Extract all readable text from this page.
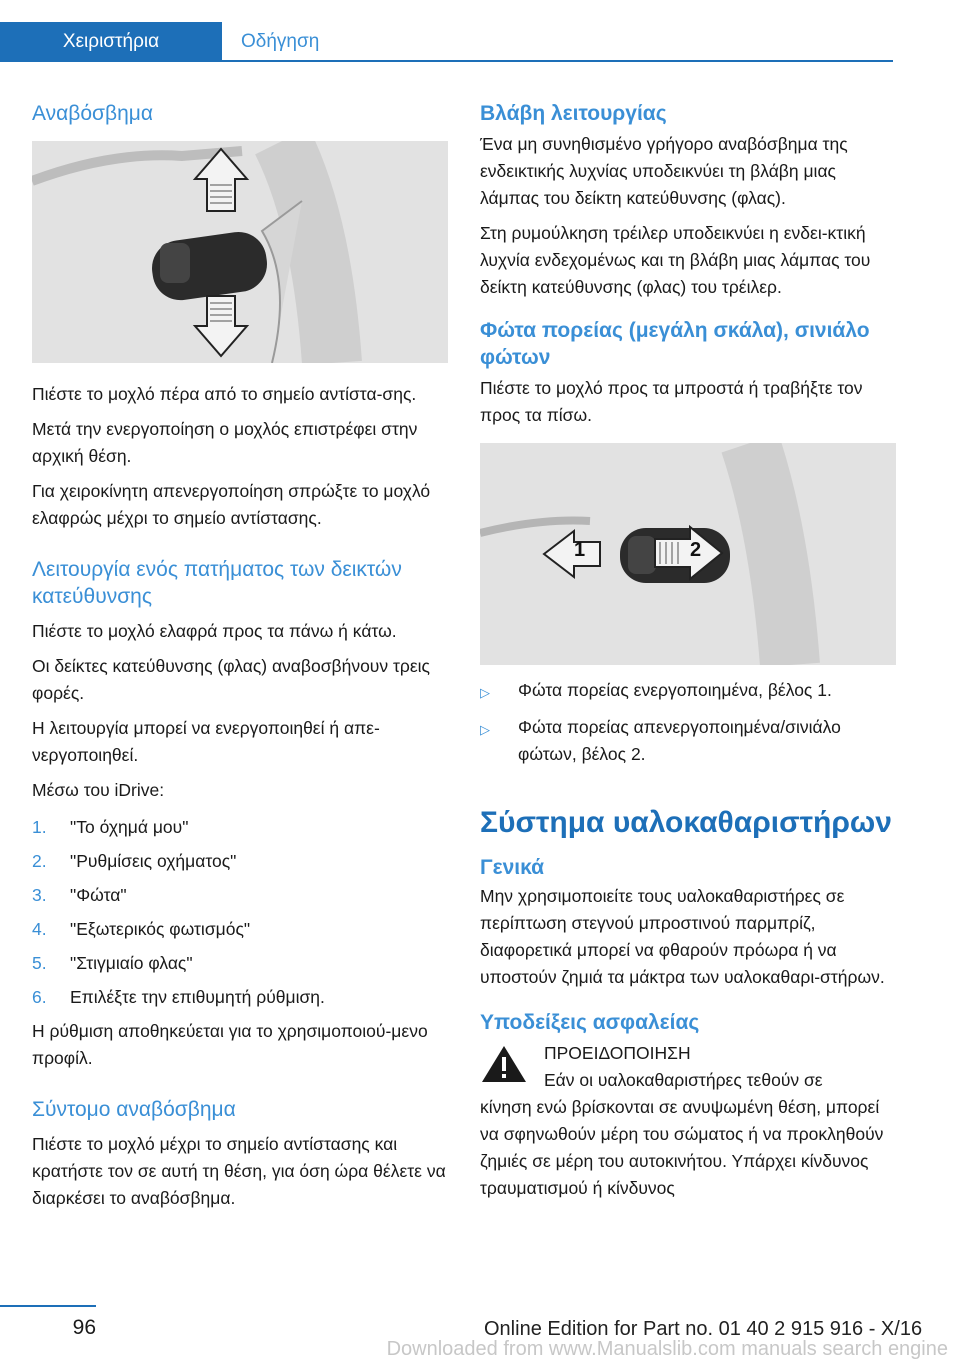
Χειριστήρια	Οδήγηση
Αναβόσβημα

Πιέστε το μοχλό πέρα από το σημείο αντίστα-σης.

Μετά την ενεργοποίηση ο μοχλός επιστρέφει στην αρχική θέση.

Για χειροκίνητη απενεργοποίηση σπρώξτε το μοχλό ελαφρώς μέχρι το σημείο αντίστασης.

Λειτουργία ενός πατήματος των δεικτών κατεύθυνσης

Πιέστε το μοχλό ελαφρά προς τα πάνω ή κάτω.

Οι δείκτες κατεύθυνσης (φλας) αναβοσβήνουν τρεις φορές.

Η λειτουργία μπορεί να ενεργοποιηθεί ή απε-νεργοποιηθεί.

Μέσω του iDrive:

1.	"Το όχημά μου"
2.	"Ρυθμίσεις οχήματος"
3.	"Φώτα"
4.	"Εξωτερικός φωτισμός"
5.	"Στιγμιαίο φλας"
6.	Επιλέξτε την επιθυμητή ρύθμιση.

Η ρύθμιση αποθηκεύεται για το χρησιμοποιού-μενο προφίλ.

Σύντομο αναβόσβημα

Πιέστε το μοχλό μέχρι το σημείο αντίστασης και κρατήστε τον σε αυτή τη θέση, για όση ώρα θέλετε να διαρκέσει το αναβόσβημα.

Βλάβη λειτουργίας

Ένα μη συνηθισμένο γρήγορο αναβόσβημα της ενδεικτικής λυχνίας υποδεικνύει τη βλάβη μιας λάμπας του δείκτη κατεύθυνσης (φλας).

Στη ρυμούλκηση τρέιλερ υποδεικνύει η ενδει-κτική λυχνία ενδεχομένως και τη βλάβη μιας λάμπας του δείκτη κατεύθυνσης (φλας) του τρέιλερ.

Φώτα πορείας (μεγάλη σκάλα), σινιάλο φώτων

Πιέστε το μοχλό προς τα μπροστά ή τραβήξτε τον προς τα πίσω.

1	2
▷	Φώτα πορείας ενεργοποιημένα, βέλος 1.
▷	Φώτα πορείας απενεργοποιημένα/σινιάλο φώτων, βέλος 2.
Σύστημα υαλοκαθαριστήρων
Γενικά

Μην χρησιμοποιείτε τους υαλοκαθαριστήρες σε περίπτωση στεγνού μπροστινού παρμπρίζ, διαφορετικά μπορεί να φθαρούν πρόωρα ή να υποστούν ζημιά τα μάκτρα των υαλοκαθαρι-στήρων.

Υποδείξεις ασφαλείας

ΠΡΟΕΙΔΟΠΟΙΗΣΗ

Εάν οι υαλοκαθαριστήρες τεθούν σε

κίνηση ενώ βρίσκονται σε ανυψωμένη θέση, μπορεί να σφηνωθούν μέρη του σώματος ή να προκληθούν ζημιές σε μέρη του αυτοκινήτου. Υπάρχει κίνδυνος τραυματισμού ή κίνδυνος

96	Online Edition for Part no. 01 40 2 915 916 - X/16
Downloaded from www.Manualslib.com manuals search engine
